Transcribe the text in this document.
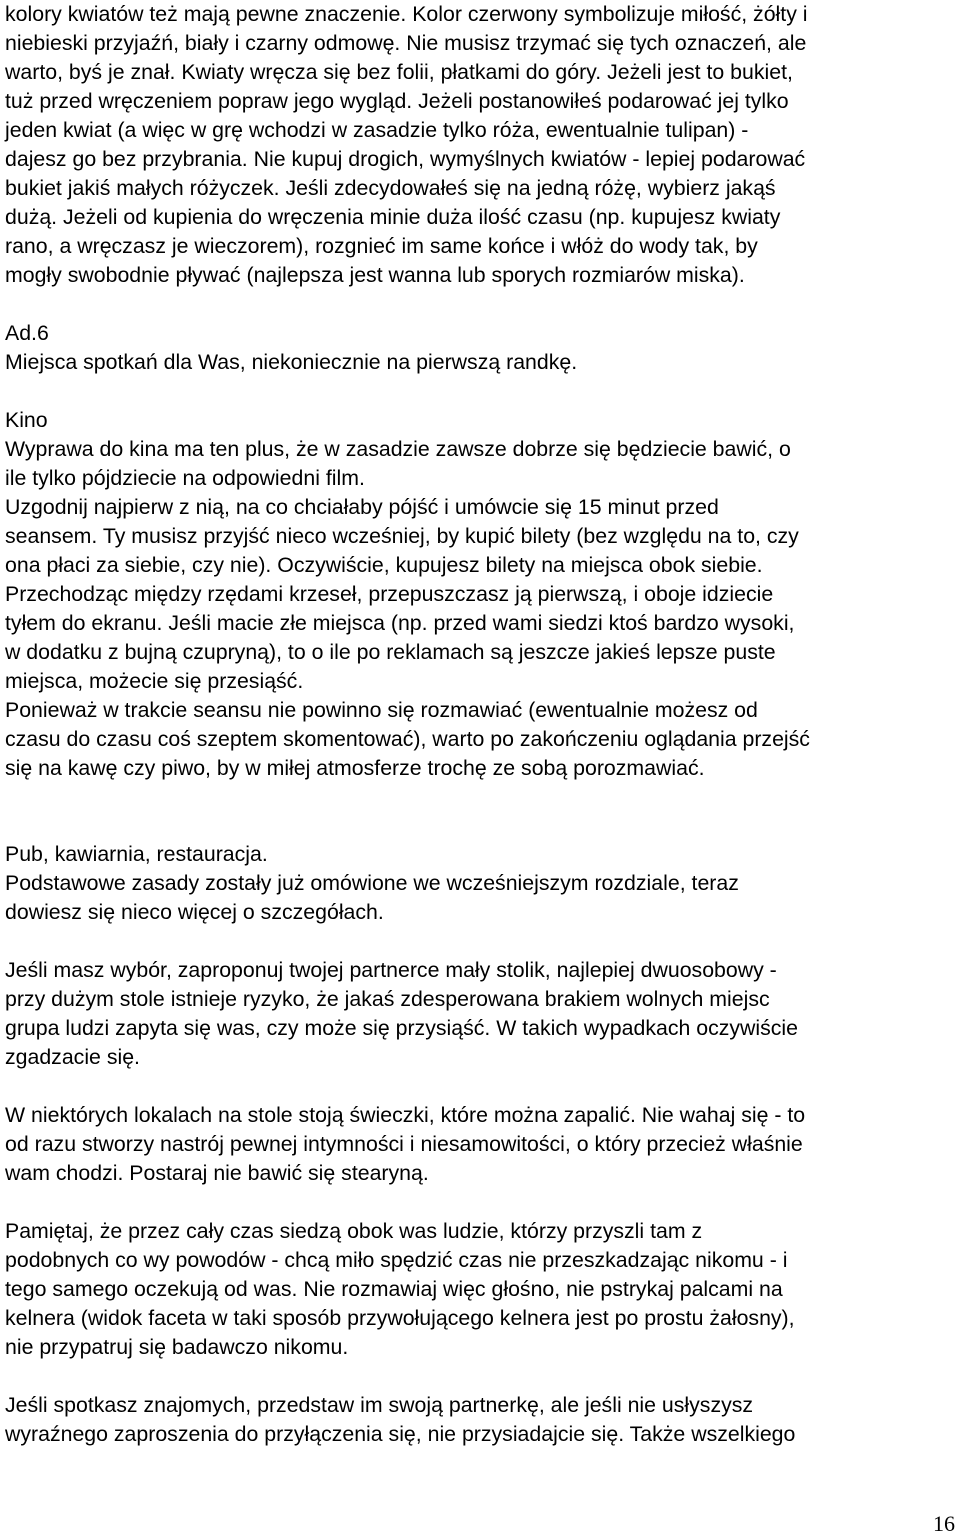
kolory kwiatów też mają pewne znaczenie. Kolor czerwony symbolizuje miłość, żółty i
niebieski przyjaźń, biały i czarny odmowę. Nie musisz trzymać się tych oznaczeń, ale
warto, byś je znał. Kwiaty wręcza się bez folii, płatkami do góry. Jeżeli jest to bukiet,
tuż przed wręczeniem popraw jego wygląd. Jeżeli postanowiłeś podarować jej tylko
jeden kwiat (a więc w grę wchodzi w zasadzie tylko róża, ewentualnie tulipan) -
dajesz go bez przybrania. Nie kupuj drogich, wymyślnych kwiatów - lepiej podarować
bukiet jakiś małych różyczek. Jeśli zdecydowałeś się na jedną różę, wybierz jakąś
dużą. Jeżeli od kupienia do wręczenia minie duża ilość czasu (np. kupujesz kwiaty
rano, a wręczasz je wieczorem), rozgnieć im same końce i włóż do wody tak, by
mogły swobodnie pływać (najlepsza jest wanna lub sporych rozmiarów miska).
Ad.6
Miejsca spotkań dla Was, niekoniecznie na pierwszą randkę.
Kino
Wyprawa do kina ma ten plus, że w zasadzie zawsze dobrze się będziecie bawić, o
ile tylko pójdziecie na odpowiedni film.
Uzgodnij najpierw z nią, na co chciałaby pójść i umówcie się 15 minut przed
seansem. Ty musisz przyjść nieco wcześniej, by kupić bilety (bez względu na to, czy
ona płaci za siebie, czy nie). Oczywiście, kupujesz bilety na miejsca obok siebie.
Przechodząc między rzędami krzeseł, przepuszczasz ją pierwszą, i oboje idziecie
tyłem do ekranu. Jeśli macie złe miejsca (np. przed wami siedzi ktoś bardzo wysoki,
w dodatku z bujną czupryną), to o ile po reklamach są jeszcze jakieś lepsze puste
miejsca, możecie się przesiąść.
Ponieważ w trakcie seansu nie powinno się rozmawiać (ewentualnie możesz od
czasu do czasu coś szeptem skomentować), warto po zakończeniu oglądania przejść
się na kawę czy piwo, by w miłej atmosferze trochę ze sobą porozmawiać.
Pub, kawiarnia, restauracja.
Podstawowe zasady zostały już omówione we wcześniejszym rozdziale, teraz
dowiesz się nieco więcej o szczegółach.
Jeśli masz wybór, zaproponuj twojej partnerce mały stolik, najlepiej dwuosobowy -
przy dużym stole istnieje ryzyko, że jakaś zdesperowana brakiem wolnych miejsc
grupa ludzi zapyta się was, czy może się przysiąść. W takich wypadkach oczywiście
zgadzacie się.
W niektórych lokalach na stole stoją świeczki, które można zapalić. Nie wahaj się - to
od razu stworzy nastrój pewnej intymności i niesamowitości, o który przecież właśnie
wam chodzi. Postaraj nie bawić się stearyną.
Pamiętaj, że przez cały czas siedzą obok was ludzie, którzy przyszli tam z
podobnych co wy powodów - chcą miło spędzić czas nie przeszkadzając nikomu - i
tego samego oczekują od was. Nie rozmawiaj więc głośno, nie pstrykaj palcami na
kelnera (widok faceta w taki sposób przywołującego kelnera jest po prostu żałosny),
nie przypatruj się badawczo nikomu.
Jeśli spotkasz znajomych, przedstaw im swoją partnerkę, ale jeśli nie usłyszysz
wyraźnego zaproszenia do przyłączenia się, nie przysiadajcie się. Także wszelkiego
16
